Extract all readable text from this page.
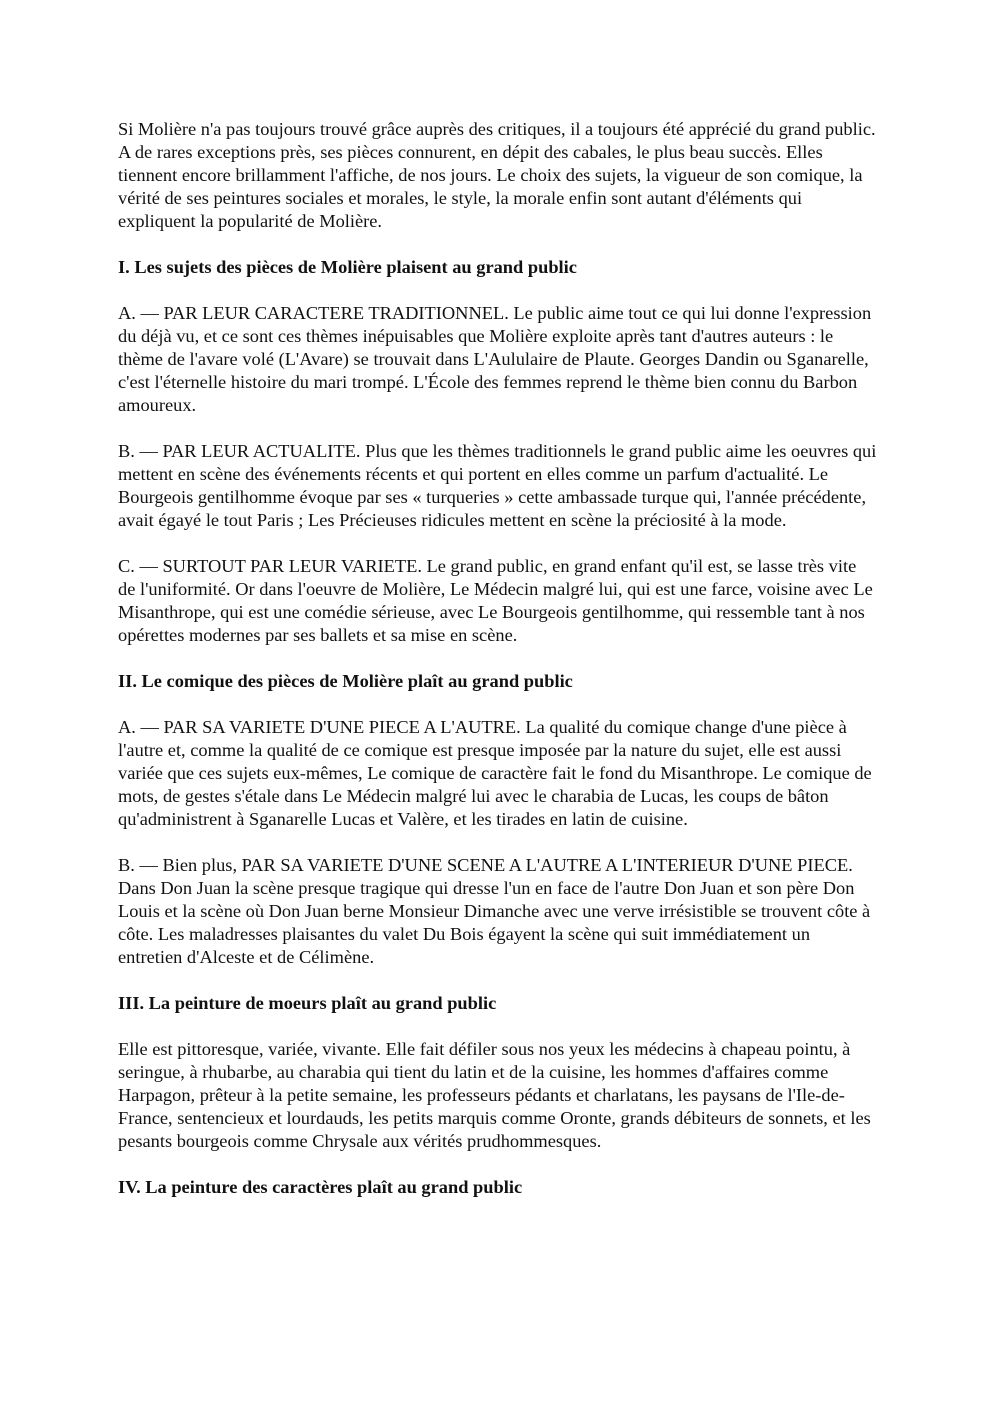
Si Molière n'a pas toujours trouvé grâce auprès des critiques, il a toujours été apprécié du grand public. A de rares exceptions près, ses pièces connurent, en dépit des cabales, le plus beau succès. Elles tiennent encore brillamment l'affiche, de nos jours. Le choix des sujets, la vigueur de son comique, la vérité de ses peintures sociales et morales, le style, la morale enfin sont autant d'éléments qui expliquent la popularité de Molière.

I. Les sujets des pièces de Molière plaisent au grand public

A. — PAR LEUR CARACTERE TRADITIONNEL. Le public aime tout ce qui lui donne l'expression du déjà vu, et ce sont ces thèmes inépuisables que Molière exploite après tant d'autres auteurs : le thème de l'avare volé (L'Avare) se trouvait dans L'Aululaire de Plaute. Georges Dandin ou Sganarelle, c'est l'éternelle histoire du mari trompé. L'École des femmes reprend le thème bien connu du Barbon amoureux.

B. — PAR LEUR ACTUALITE. Plus que les thèmes traditionnels le grand public aime les oeuvres qui mettent en scène des événements récents et qui portent en elles comme un parfum d'actualité. Le Bourgeois gentilhomme évoque par ses « turqueries » cette ambassade turque qui, l'année précédente, avait égayé le tout Paris ; Les Précieuses ridicules mettent en scène la préciosité à la mode.

C. — SURTOUT PAR LEUR VARIETE. Le grand public, en grand enfant qu'il est, se lasse très vite de l'uniformité. Or dans l'oeuvre de Molière, Le Médecin malgré lui, qui est une farce, voisine avec Le Misanthrope, qui est une comédie sérieuse, avec Le Bourgeois gentilhomme, qui ressemble tant à nos opérettes modernes par ses ballets et sa mise en scène.

II. Le comique des pièces de Molière plaît au grand public

A. — PAR SA VARIETE D'UNE PIECE A L'AUTRE. La qualité du comique change d'une pièce à l'autre et, comme la qualité de ce comique est presque imposée par la nature du sujet, elle est aussi variée que ces sujets eux-mêmes, Le comique de caractère fait le fond du Misanthrope. Le comique de mots, de gestes s'étale dans Le Médecin malgré lui avec le charabia de Lucas, les coups de bâton qu'administrent à Sganarelle Lucas et Valère, et les tirades en latin de cuisine.

B. — Bien plus, PAR SA VARIETE D'UNE SCENE A L'AUTRE A L'INTERIEUR D'UNE PIECE. Dans Don Juan la scène presque tragique qui dresse l'un en face de l'autre Don Juan et son père Don Louis et la scène où Don Juan berne Monsieur Dimanche avec une verve irrésistible se trouvent côte à côte. Les maladresses plaisantes du valet Du Bois égayent la scène qui suit immédiatement un entretien d'Alceste et de Célimène.

III. La peinture de moeurs plaît au grand public

Elle est pittoresque, variée, vivante. Elle fait défiler sous nos yeux les médecins à chapeau pointu, à seringue, à rhubarbe, au charabia qui tient du latin et de la cuisine, les hommes d'affaires comme Harpagon, prêteur à la petite semaine, les professeurs pédants et charlatans, les paysans de l'Ile-de-France, sentencieux et lourdauds, les petits marquis comme Oronte, grands débiteurs de sonnets, et les pesants bourgeois comme Chrysale aux vérités prudhommesques.

IV. La peinture des caractères plaît au grand public
